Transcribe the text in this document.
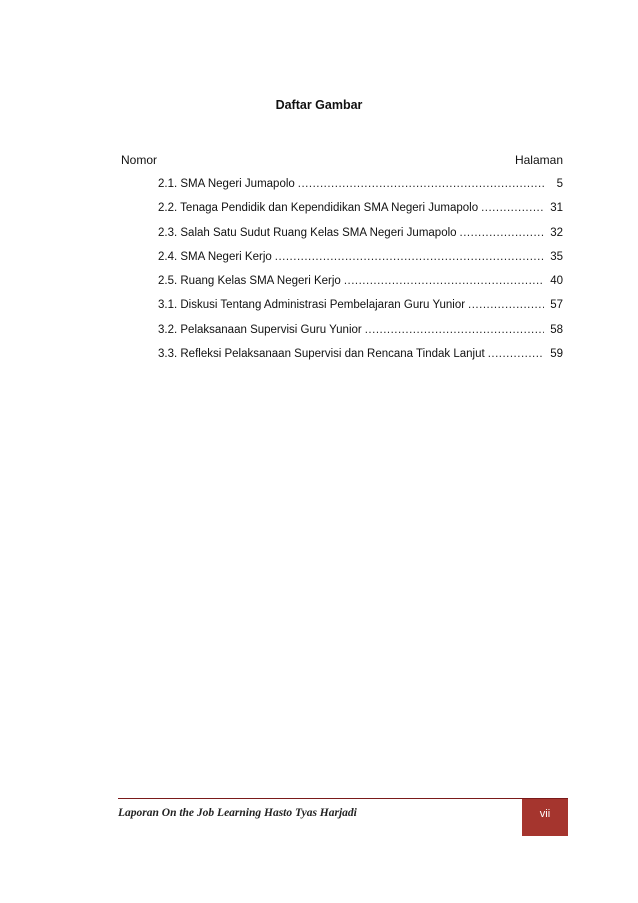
Daftar Gambar
Nomor	Halaman
2.1. SMA Negeri Jumapolo .....	5
2.2. Tenaga Pendidik dan Kependidikan SMA Negeri Jumapolo .....	31
2.3. Salah Satu Sudut Ruang Kelas SMA Negeri Jumapolo .....	32
2.4. SMA Negeri Kerjo .....	35
2.5. Ruang Kelas SMA Negeri Kerjo .....	40
3.1. Diskusi Tentang Administrasi Pembelajaran Guru Yunior .....	57
3.2. Pelaksanaan Supervisi Guru Yunior .....	58
3.3. Refleksi Pelaksanaan Supervisi dan Rencana Tindak Lanjut .....	59
Laporan On the Job Learning Hasto Tyas Harjadi	vii
